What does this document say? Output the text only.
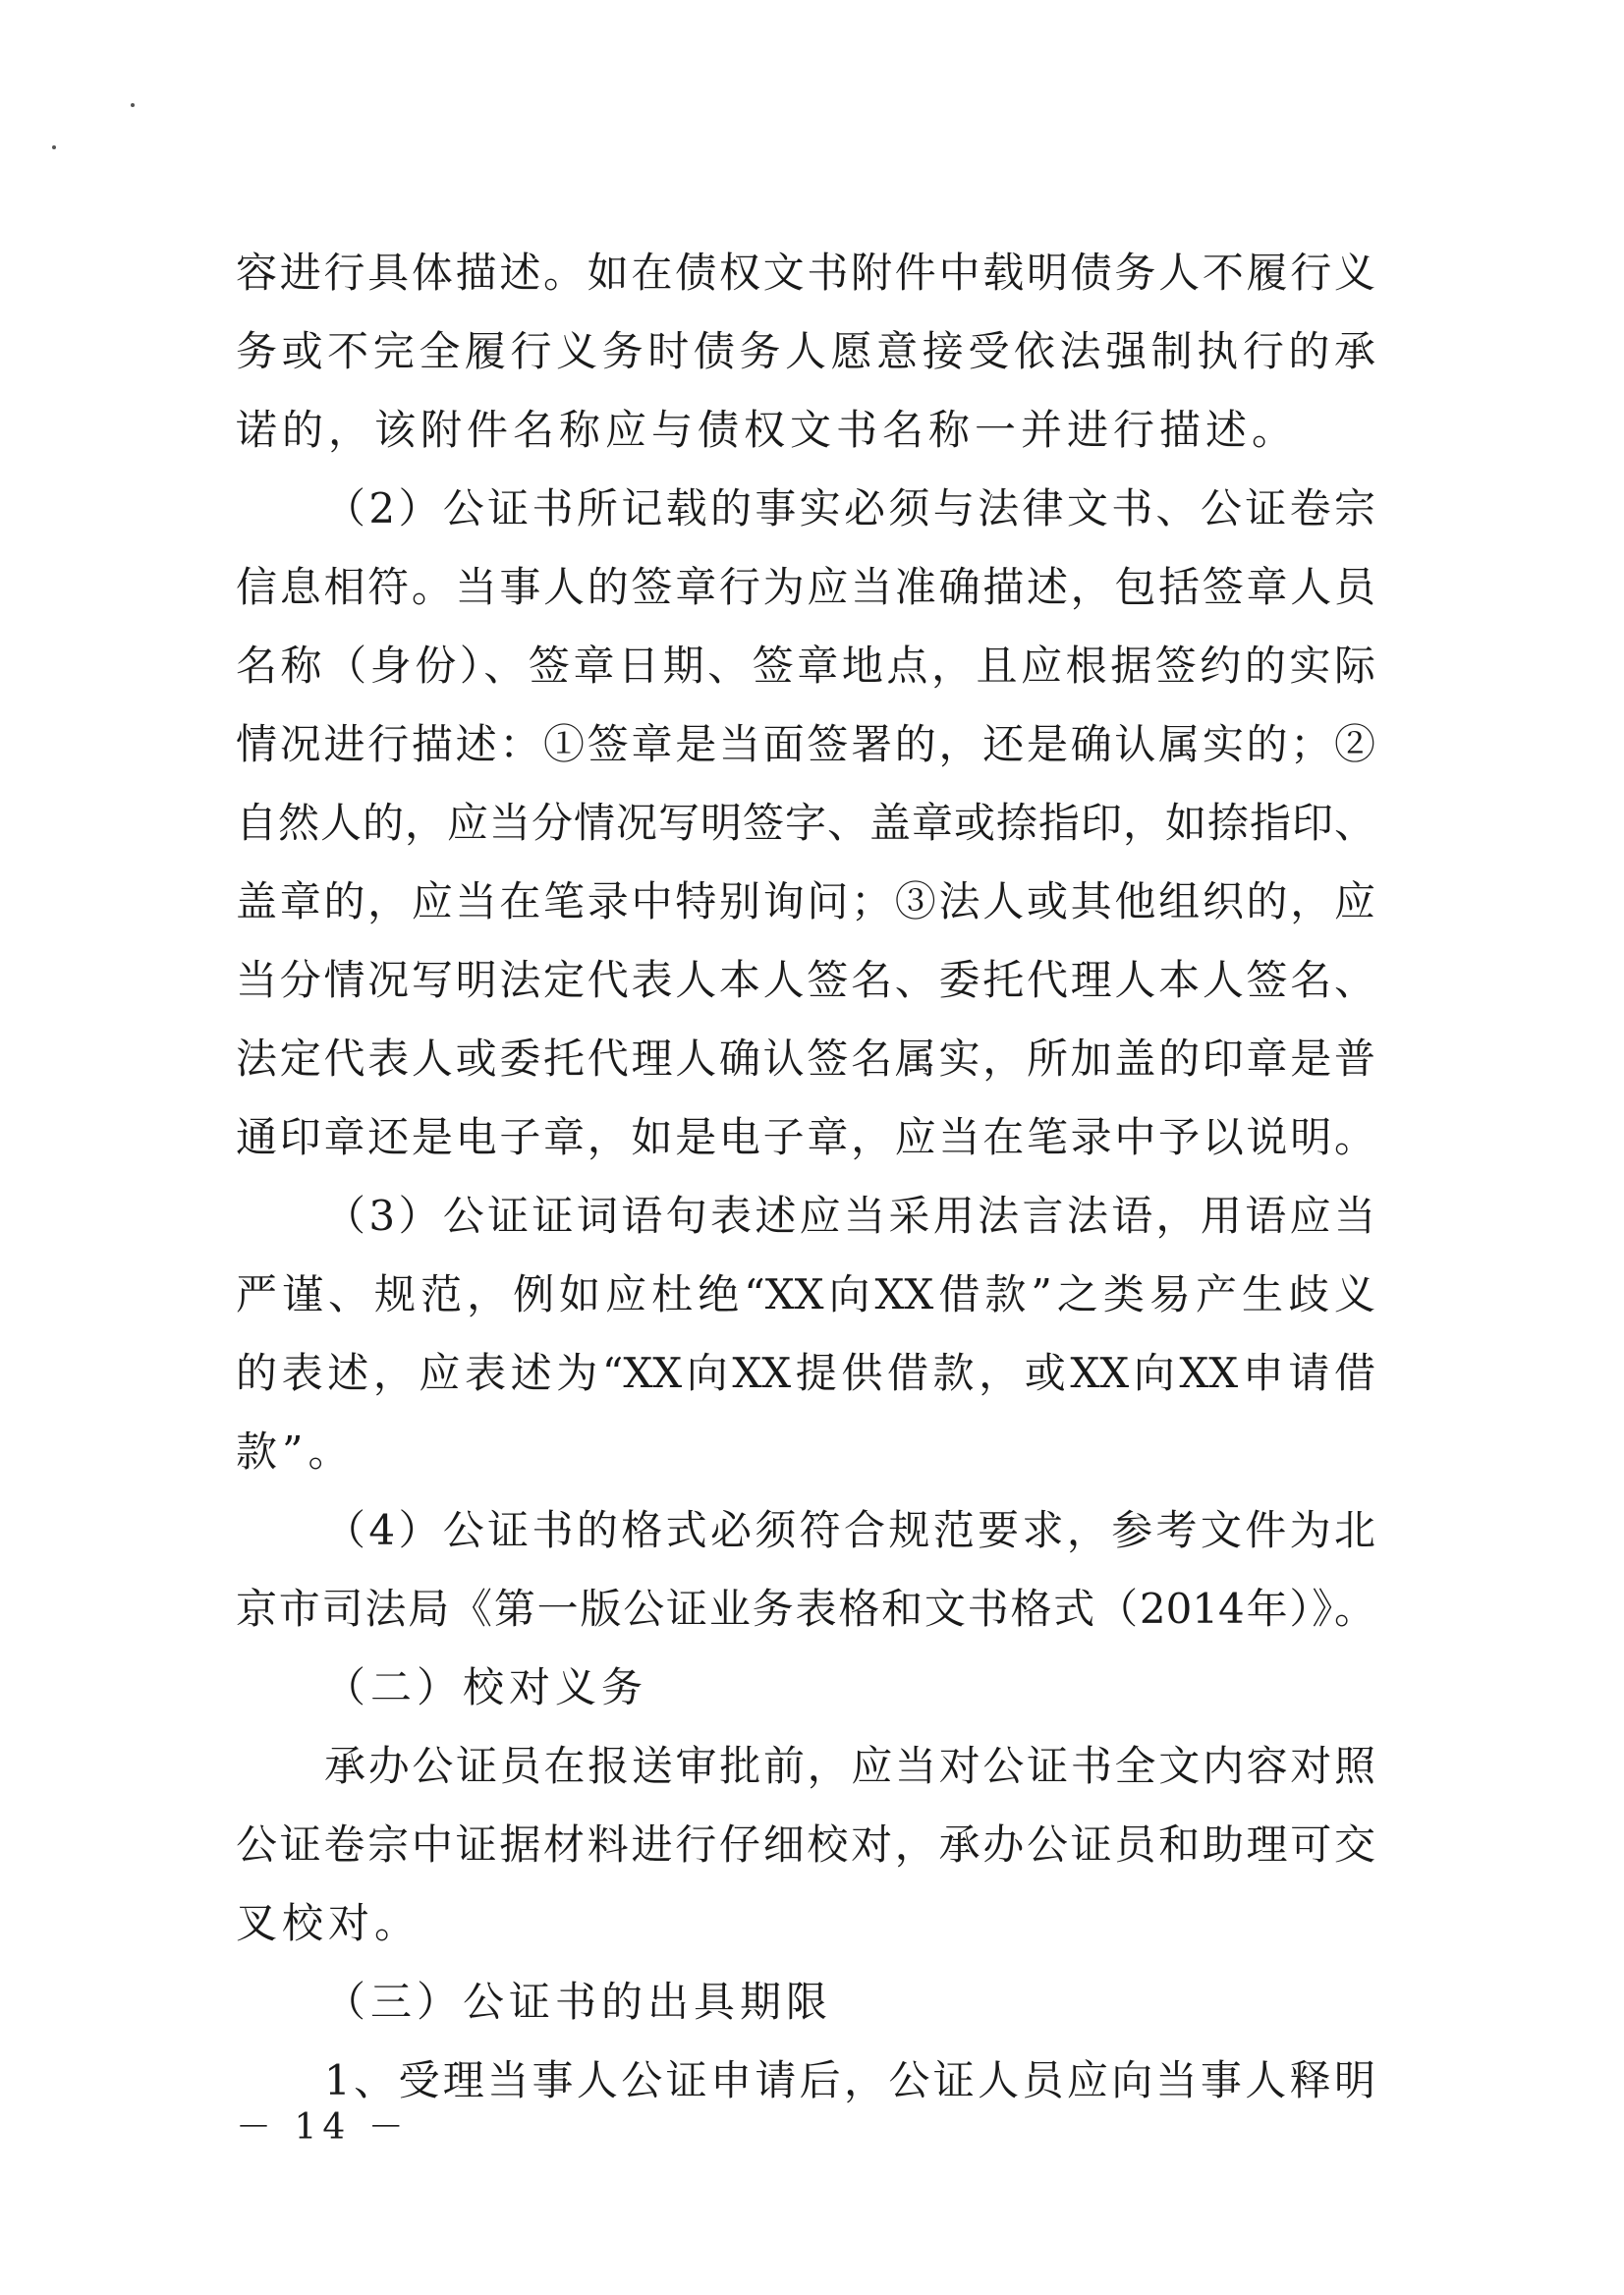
容进行具体描述。如在债权文书附件中载明债务人不履行义
务或不完全履行义务时债务人愿意接受依法强制执行的承
诺的，该附件名称应与债权文书名称一并进行描述。
（2）公证书所记载的事实必须与法律文书、公证卷宗
信息相符。当事人的签章行为应当准确描述，包括签章人员
名称（身份）、签章日期、签章地点，且应根据签约的实际
情况进行描述：①签章是当面签署的，还是确认属实的；②
自然人的，应当分情况写明签字、盖章或捺指印，如捺指印、
盖章的，应当在笔录中特别询问；③法人或其他组织的，应
当分情况写明法定代表人本人签名、委托代理人本人签名、
法定代表人或委托代理人确认签名属实，所加盖的印章是普
通印章还是电子章，如是电子章，应当在笔录中予以说明。
（3）公证证词语句表述应当采用法言法语，用语应当
严谨、规范，例如应杜绝“XX向XX借款”之类易产生歧义
的表述，应表述为“XX向XX提供借款，或XX向XX申请借
款”。
（4）公证书的格式必须符合规范要求，参考文件为北
京市司法局《第一版公证业务表格和文书格式（2014年）》。
（二）校对义务
承办公证员在报送审批前，应当对公证书全文内容对照
公证卷宗中证据材料进行仔细校对，承办公证员和助理可交
叉校对。
（三）公证书的出具期限
1、受理当事人公证申请后，公证人员应向当事人释明
－ 14 －
